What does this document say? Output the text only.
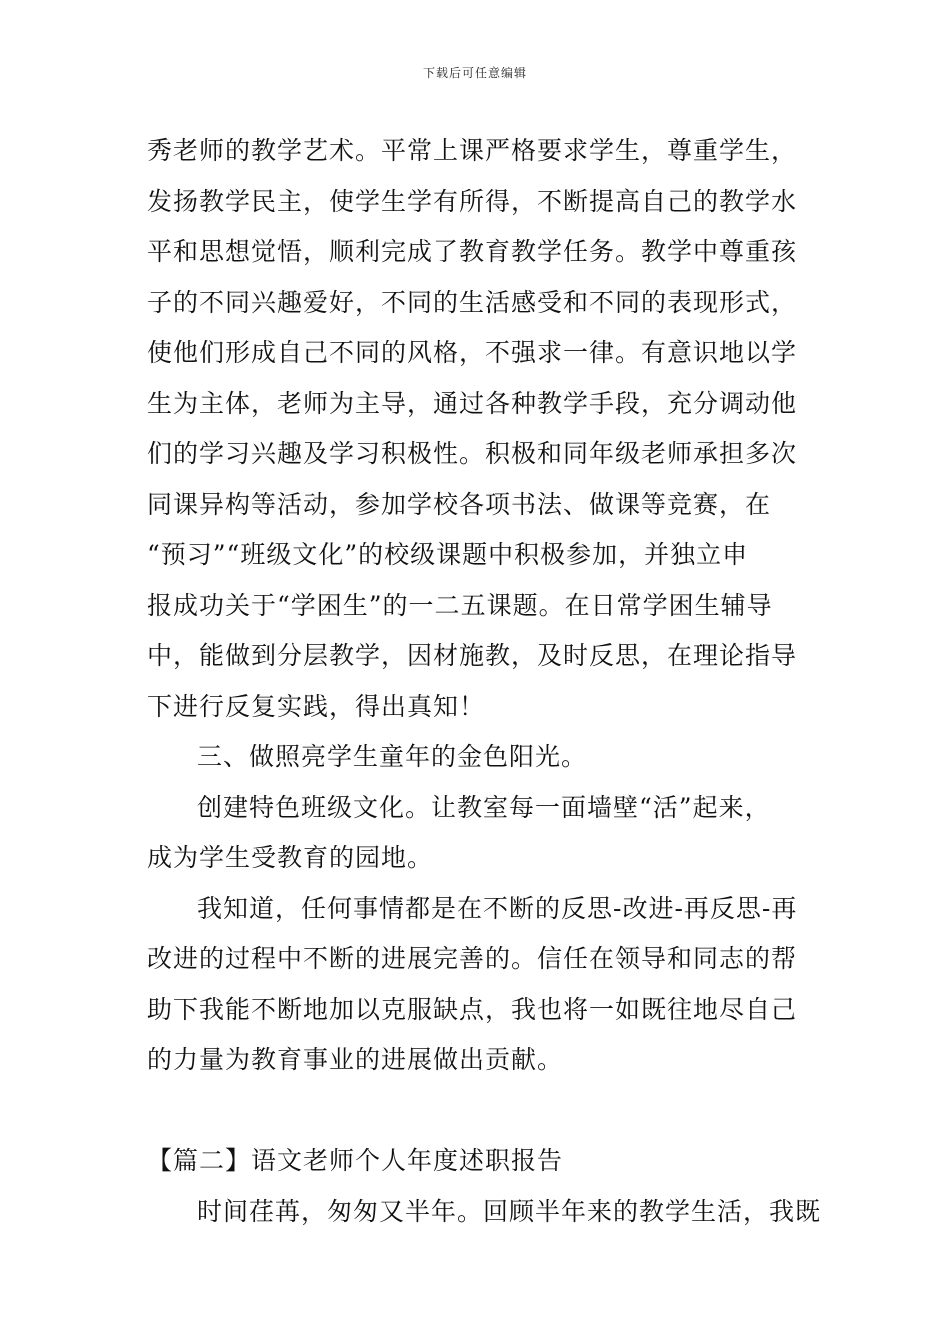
下载后可任意编辑
秀老师的教学艺术。平常上课严格要求学生，尊重学生，
发扬教学民主，使学生学有所得，不断提高自己的教学水
平和思想觉悟，顺利完成了教育教学任务。教学中尊重孩
子的不同兴趣爱好，不同的生活感受和不同的表现形式，
使他们形成自己不同的风格，不强求一律。有意识地以学
生为主体，老师为主导，通过各种教学手段，充分调动他
们的学习兴趣及学习积极性。积极和同年级老师承担多次
同课异构等活动，参加学校各项书法、做课等竞赛，在
“预习”“班级文化”的校级课题中积极参加，并独立申
报成功关于“学困生”的一二五课题。在日常学困生辅导
中，能做到分层教学，因材施教，及时反思，在理论指导
下进行反复实践，得出真知！
三、做照亮学生童年的金色阳光。
创建特色班级文化。让教室每一面墙壁“活”起来，
成为学生受教育的园地。
我知道，任何事情都是在不断的反思-改进-再反思-再
改进的过程中不断的进展完善的。信任在领导和同志的帮
助下我能不断地加以克服缺点，我也将一如既往地尽自己
的力量为教育事业的进展做出贡献。
【篇二】语文老师个人年度述职报告
时间荏苒，匆匆又半年。回顾半年来的教学生活，我既
